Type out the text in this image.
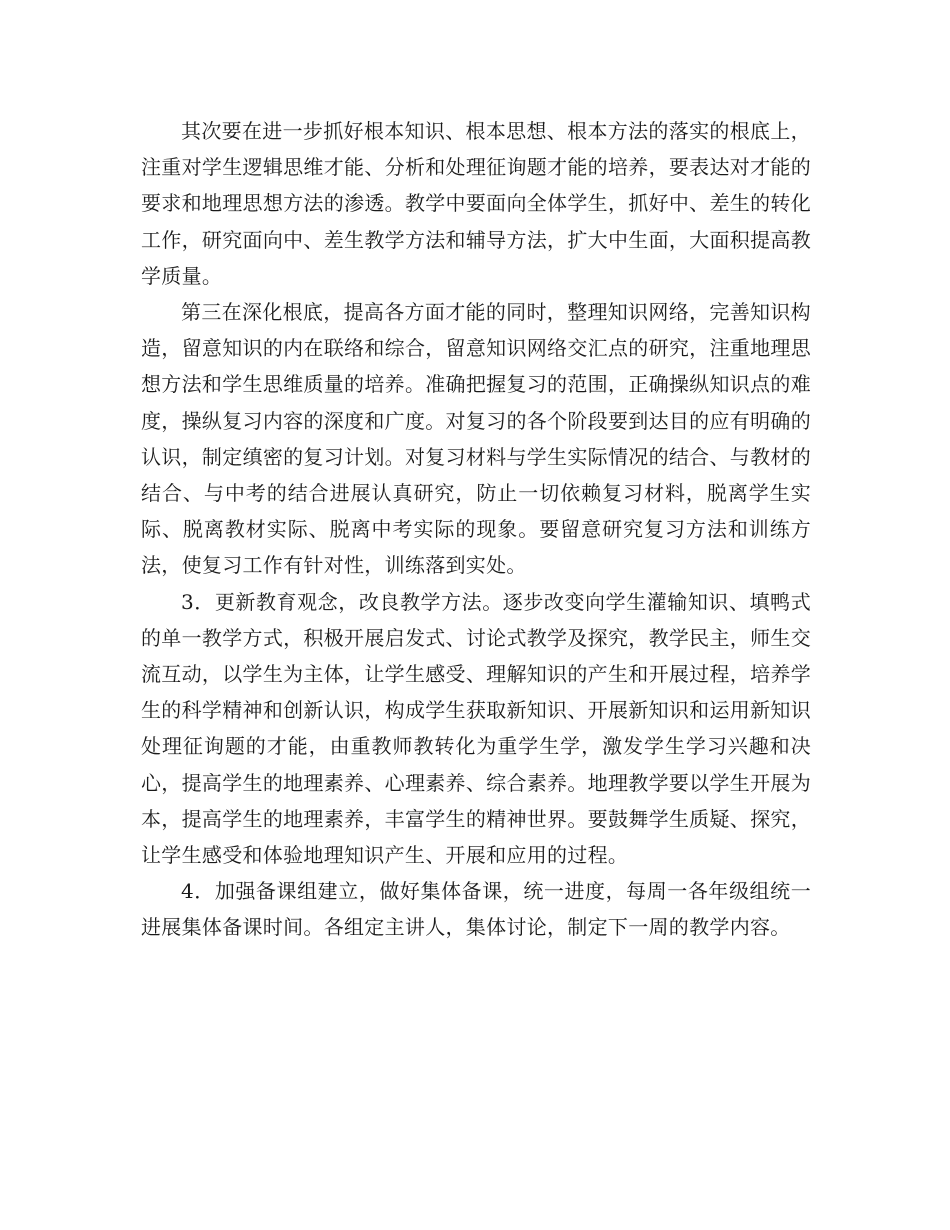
其次要在进一步抓好根本知识、根本思想、根本方法的落实的根底上，注重对学生逻辑思维才能、分析和处理征询题才能的培养，要表达对才能的要求和地理思想方法的渗透。教学中要面向全体学生，抓好中、差生的转化工作，研究面向中、差生教学方法和辅导方法，扩大中生面，大面积提高教学质量。

第三在深化根底，提高各方面才能的同时，整理知识网络，完善知识构造，留意知识的内在联络和综合，留意知识网络交汇点的研究，注重地理思想方法和学生思维质量的培养。准确把握复习的范围，正确操纵知识点的难度，操纵复习内容的深度和广度。对复习的各个阶段要到达目的应有明确的认识，制定缜密的复习计划。对复习材料与学生实际情况的结合、与教材的结合、与中考的结合进展认真研究，防止一切依赖复习材料，脱离学生实际、脱离教材实际、脱离中考实际的现象。要留意研究复习方法和训练方法，使复习工作有针对性，训练落到实处。

3．更新教育观念，改良教学方法。逐步改变向学生灌输知识、填鸭式的单一教学方式，积极开展启发式、讨论式教学及探究，教学民主，师生交流互动，以学生为主体，让学生感受、理解知识的产生和开展过程，培养学生的科学精神和创新认识，构成学生获取新知识、开展新知识和运用新知识处理征询题的才能，由重教师教转化为重学生学，激发学生学习兴趣和决心，提高学生的地理素养、心理素养、综合素养。地理教学要以学生开展为本，提高学生的地理素养，丰富学生的精神世界。要鼓舞学生质疑、探究，让学生感受和体验地理知识产生、开展和应用的过程。

4．加强备课组建立，做好集体备课，统一进度，每周一各年级组统一进展集体备课时间。各组定主讲人，集体讨论，制定下一周的教学内容。
